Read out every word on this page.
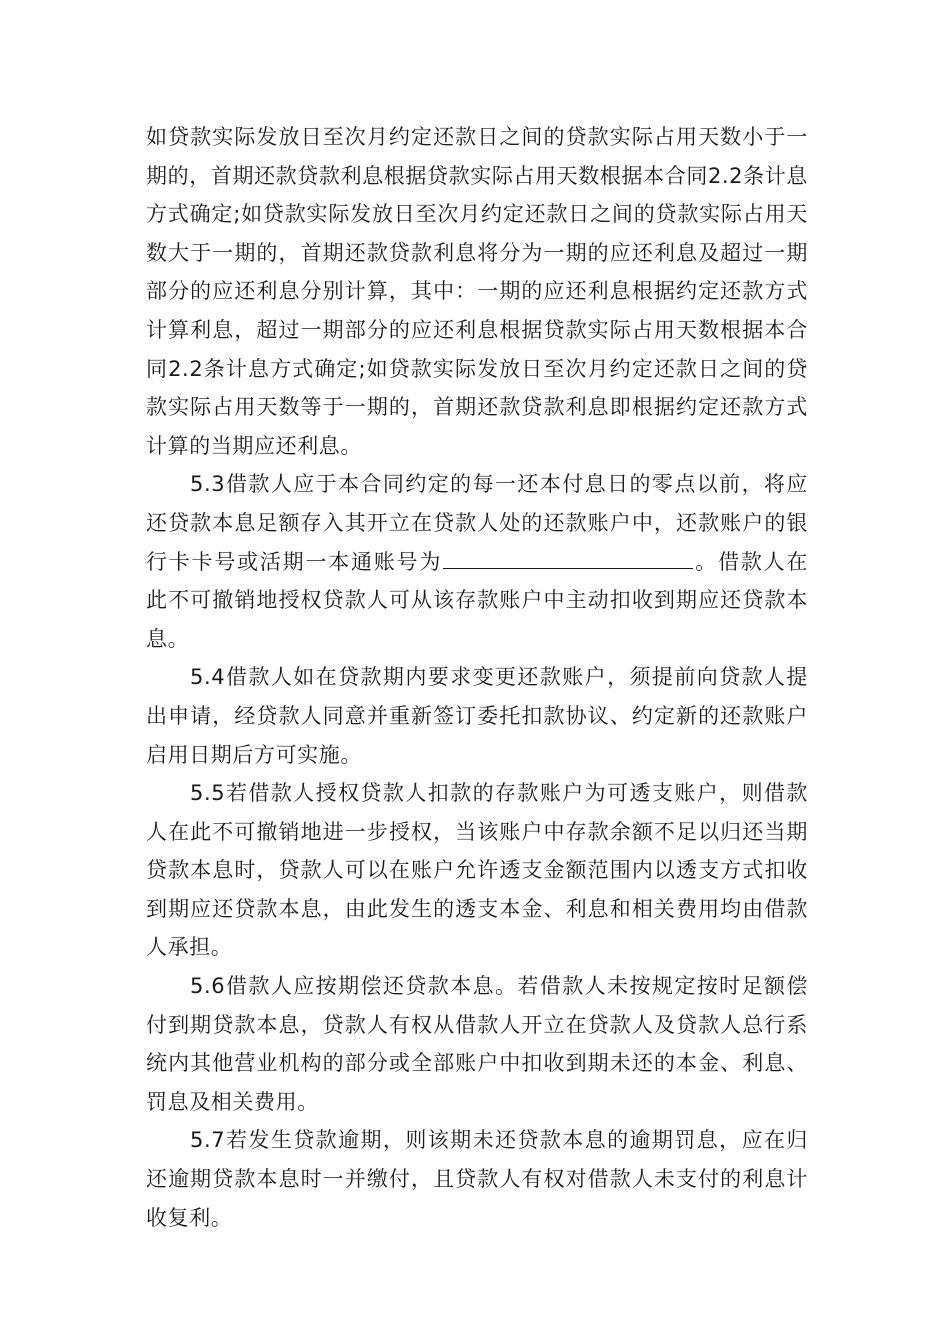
如贷款实际发放日至次月约定还款日之间的贷款实际占用天数小于一期的，首期还款贷款利息根据贷款实际占用天数根据本合同2.2条计息方式确定;如贷款实际发放日至次月约定还款日之间的贷款实际占用天数大于一期的，首期还款贷款利息将分为一期的应还利息及超过一期部分的应还利息分别计算，其中：一期的应还利息根据约定还款方式计算利息，超过一期部分的应还利息根据贷款实际占用天数根据本合同2.2条计息方式确定;如贷款实际发放日至次月约定还款日之间的贷款实际占用天数等于一期的，首期还款贷款利息即根据约定还款方式计算的当期应还利息。

5.3借款人应于本合同约定的每一还本付息日的零点以前，将应还贷款本息足额存入其开立在贷款人处的还款账户中，还款账户的银行卡卡号或活期一本通账号为	。借款人在此不可撤销地授权贷款人可从该存款账户中主动扣收到期应还贷款本息。

5.4借款人如在贷款期内要求变更还款账户，须提前向贷款人提出申请，经贷款人同意并重新签订委托扣款协议、约定新的还款账户启用日期后方可实施。

5.5若借款人授权贷款人扣款的存款账户为可透支账户，则借款人在此不可撤销地进一步授权，当该账户中存款余额不足以归还当期贷款本息时，贷款人可以在账户允许透支金额范围内以透支方式扣收到期应还贷款本息，由此发生的透支本金、利息和相关费用均由借款人承担。

5.6借款人应按期偿还贷款本息。若借款人未按规定按时足额偿付到期贷款本息，贷款人有权从借款人开立在贷款人及贷款人总行系统内其他营业机构的部分或全部账户中扣收到期未还的本金、利息、罚息及相关费用。

5.7若发生贷款逾期，则该期未还贷款本息的逾期罚息，应在归还逾期贷款本息时一并缴付，且贷款人有权对借款人未支付的利息计收复利。
